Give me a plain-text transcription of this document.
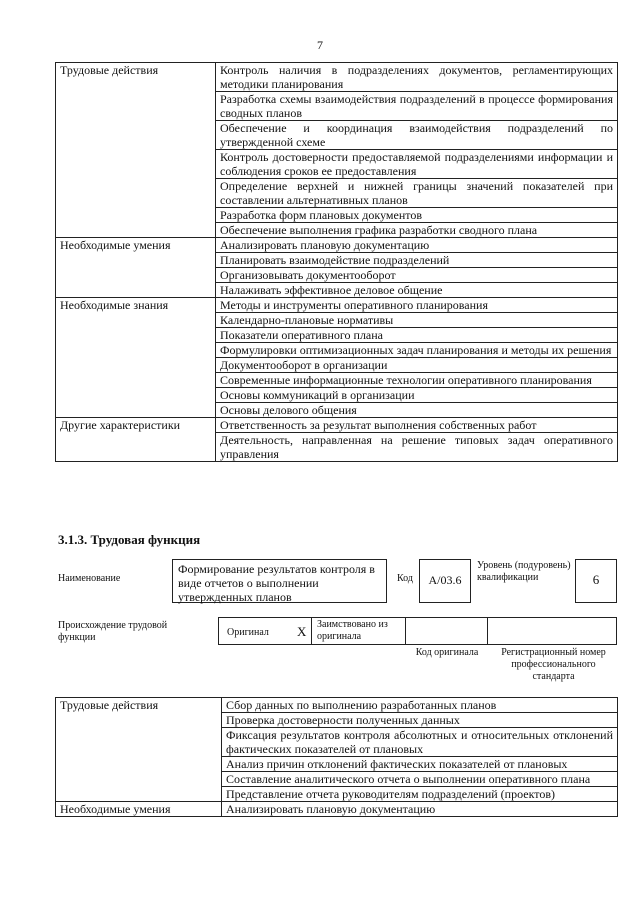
7
Трудовые действия	Контроль наличия в подразделениях документов, регламентирующих методики планирования
	Разработка схемы взаимодействия подразделений в процессе формирования сводных планов
	Обеспечение и координация взаимодействия подразделений по утвержденной схеме
	Контроль достоверности предоставляемой подразделениями информации и соблюдения сроков ее предоставления
	Определение верхней и нижней границы значений показателей при составлении альтернативных планов
	Разработка форм плановых документов
	Обеспечение выполнения графика разработки сводного плана
Необходимые умения	Анализировать плановую документацию
	Планировать взаимодействие подразделений
	Организовывать документооборот
	Налаживать эффективное деловое общение
Необходимые знания	Методы и инструменты оперативного планирования
	Календарно-плановые нормативы
	Показатели оперативного плана
	Формулировки оптимизационных задач планирования и методы их решения
	Документооборот в организации
	Современные информационные технологии оперативного планирования
	Основы коммуникаций в организации
	Основы делового общения
Другие характеристики	Ответственность за результат выполнения собственных работ
	Деятельность, направленная на решение типовых задач оперативного управления
3.1.3. Трудовая функция
Наименование
Формирование результатов контроля в виде отчетов о выполнении утвержденных планов
Код	А/03.6
Уровень (подуровень) квалификации	6
Происхождение трудовой функции	Оригинал X Заимствовано из оригинала
Код оригинала	Регистрационный номер профессионального стандарта
Трудовые действия	Сбор данных по выполнению разработанных планов
	Проверка достоверности полученных данных
	Фиксация результатов контроля абсолютных и относительных отклонений фактических показателей от плановых
	Анализ причин отклонений фактических показателей от плановых
	Составление аналитического отчета о выполнении оперативного плана
	Представление отчета руководителям подразделений (проектов)
Необходимые умения	Анализировать плановую документацию
